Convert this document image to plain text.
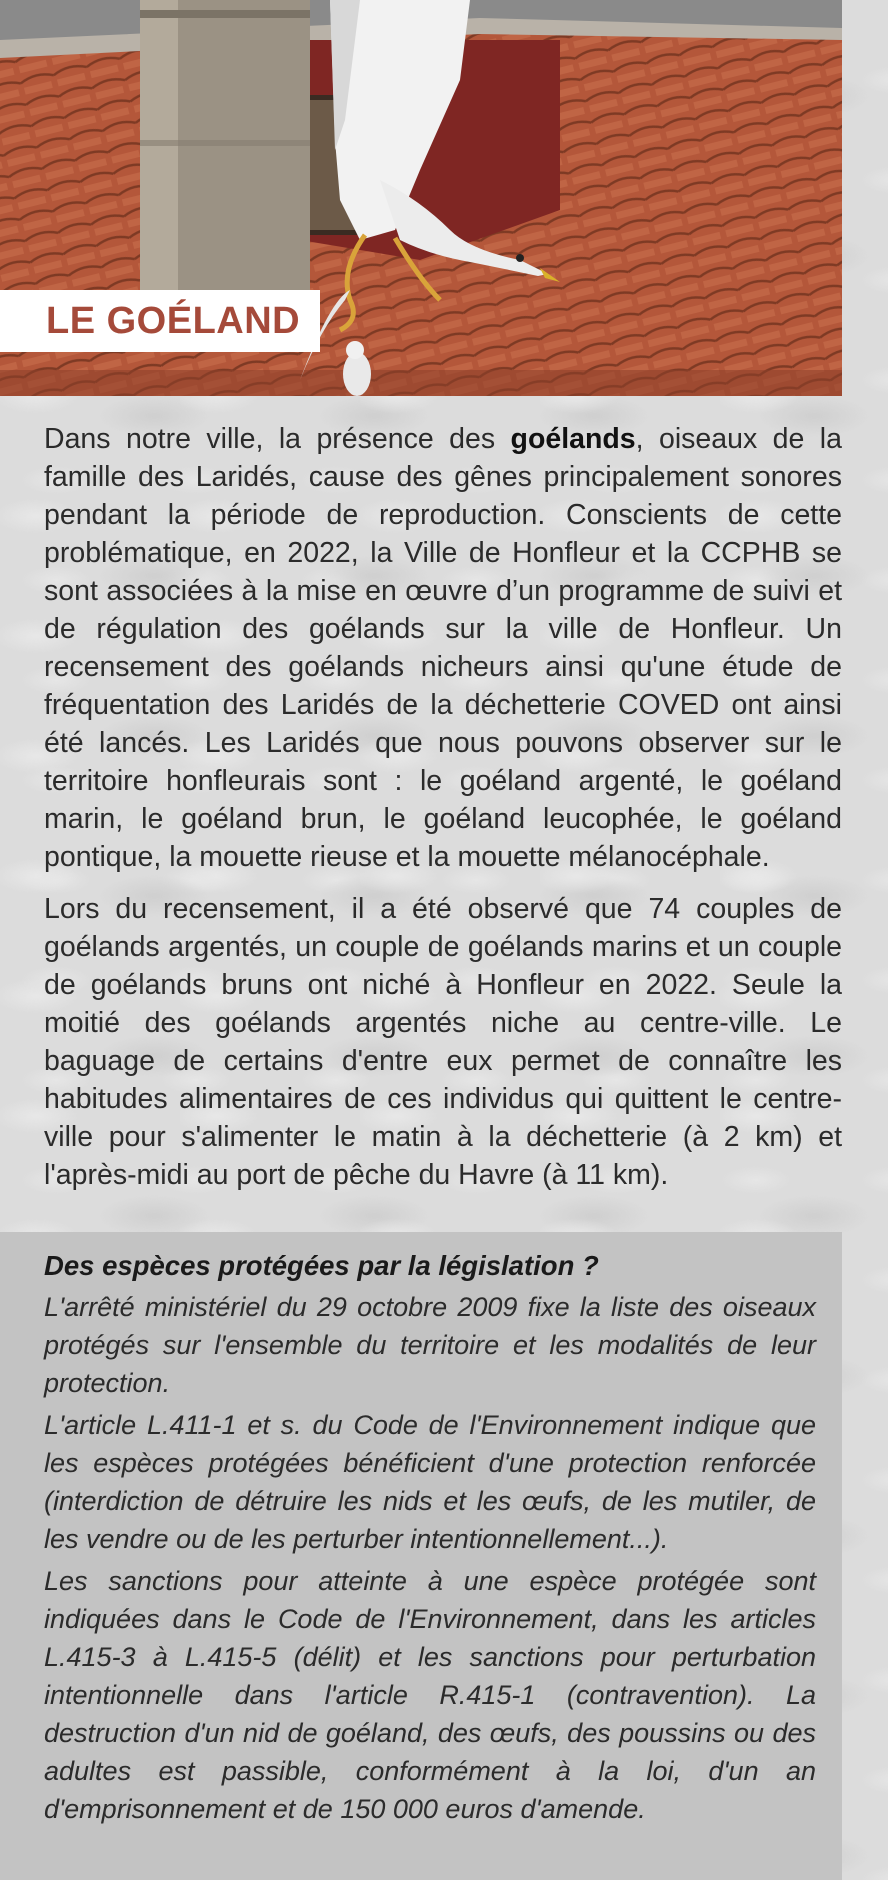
LE GOÉLAND

Dans notre ville, la présence des goélands, oiseaux de la famille des Laridés, cause des gênes principalement sonores pendant la période de reproduction. Conscients de cette problématique, en 2022, la Ville de Honfleur et la CCPHB se sont associées à la mise en œuvre d’un programme de suivi et de régulation des goélands sur la ville de Honfleur. Un recensement des goélands nicheurs ainsi qu'une étude de fréquentation des Laridés de la déchetterie COVED ont ainsi été lancés. Les Laridés que nous pouvons observer sur le territoire honfleurais sont : le goéland argenté, le goéland marin, le goéland brun, le goéland leucophée, le goéland pontique, la mouette rieuse et la mouette mélanocéphale.

Lors du recensement, il a été observé que 74 couples de goélands argentés, un couple de goélands marins et un couple de goélands bruns ont niché à Honfleur en 2022. Seule la moitié des goélands argentés niche au centre-ville. Le baguage de certains d'entre eux permet de connaître les habitudes alimentaires de ces individus qui quittent le centre-ville pour s'alimenter le matin à la déchetterie (à 2 km) et l'après-midi au port de pêche du Havre (à 11 km).

Des espèces protégées par la législation ?

L'arrêté ministériel du 29 octobre 2009 fixe la liste des oiseaux protégés sur l'ensemble du territoire et les modalités de leur protection.

L'article L.411-1 et s. du Code de l'Environnement indique que les espèces protégées bénéficient d'une protection renforcée (interdiction de détruire les nids et les œufs, de les mutiler, de les vendre ou de les perturber intentionnellement...).

Les sanctions pour atteinte à une espèce protégée sont indiquées dans le Code de l'Environnement, dans les articles L.415-3 à L.415-5 (délit) et les sanctions pour perturbation intentionnelle dans l'article R.415-1 (contravention). La destruction d'un nid de goéland, des œufs, des poussins ou des adultes est passible, conformément à la loi, d'un an d'emprisonnement et de 150 000 euros d'amende.
